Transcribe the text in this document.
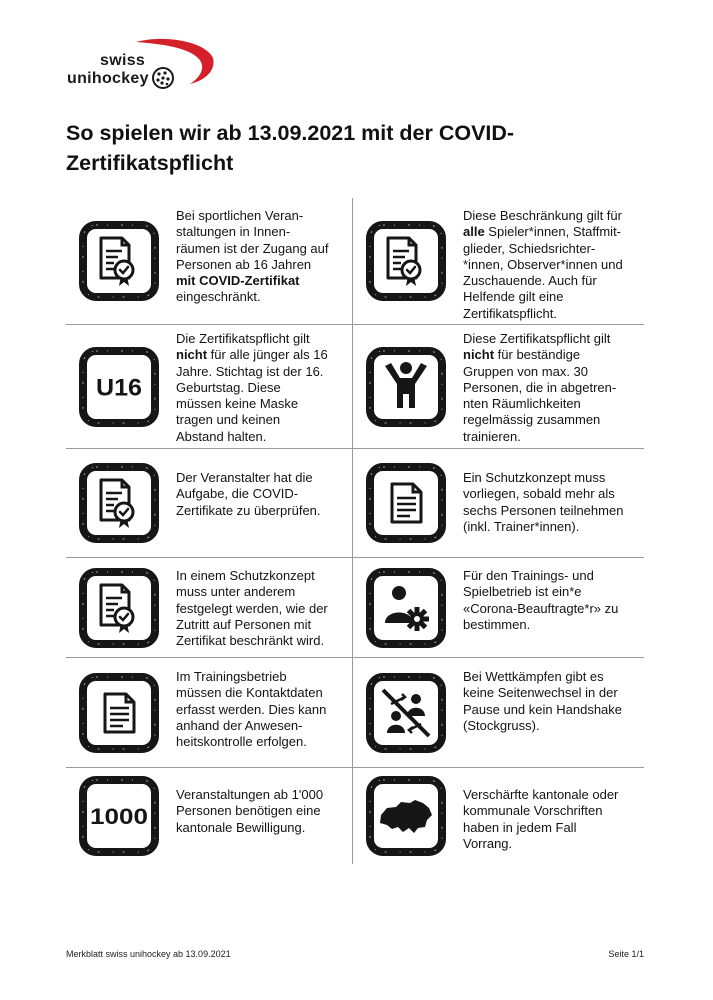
swiss
unihockey
So spielen wir ab 13.09.2021 mit der COVID-Zertifikatspflicht
Bei sportlichen Veran-
staltungen in Innen-
räumen ist der Zugang auf
Personen ab 16 Jahren
mit COVID-Zertifikat
eingeschränkt.
Diese Beschränkung gilt für
alle Spieler*innen, Staffmit-
glieder, Schiedsrichter-
*innen, Observer*innen und
Zuschauende. Auch für
Helfende gilt eine
Zertifikatspflicht.
U16
Die Zertifikatspflicht gilt
nicht für alle jünger als 16
Jahre. Stichtag ist der 16.
Geburtstag. Diese
müssen keine Maske
tragen und keinen
Abstand halten.
Diese Zertifikatspflicht gilt
nicht für beständige
Gruppen von max. 30
Personen, die in abgetren-
nten Räumlichkeiten
regelmässig zusammen
trainieren.
Der Veranstalter hat die
Aufgabe, die COVID-
Zertifikate zu überprüfen.
Ein Schutzkonzept muss
vorliegen, sobald mehr als
sechs Personen teilnehmen
(inkl. Trainer*innen).
In einem Schutzkonzept
muss unter anderem
festgelegt werden, wie der
Zutritt auf Personen mit
Zertifikat beschränkt wird.
Für den Trainings- und
Spielbetrieb ist ein*e
«Corona-Beauftragte*r» zu
bestimmen.
Im Trainingsbetrieb
müssen die Kontaktdaten
erfasst werden. Dies kann
anhand der Anwesen-
heitskontrolle erfolgen.
Bei Wettkämpfen gibt es
keine Seitenwechsel in der
Pause und kein Handshake
(Stockgruss).
1000
Veranstaltungen ab 1'000
Personen benötigen eine
kantonale Bewilligung.
Verschärfte kantonale oder
kommunale Vorschriften
haben in jedem Fall
Vorrang.
Merkblatt swiss unihockey ab 13.09.2021	Seite 1/1
